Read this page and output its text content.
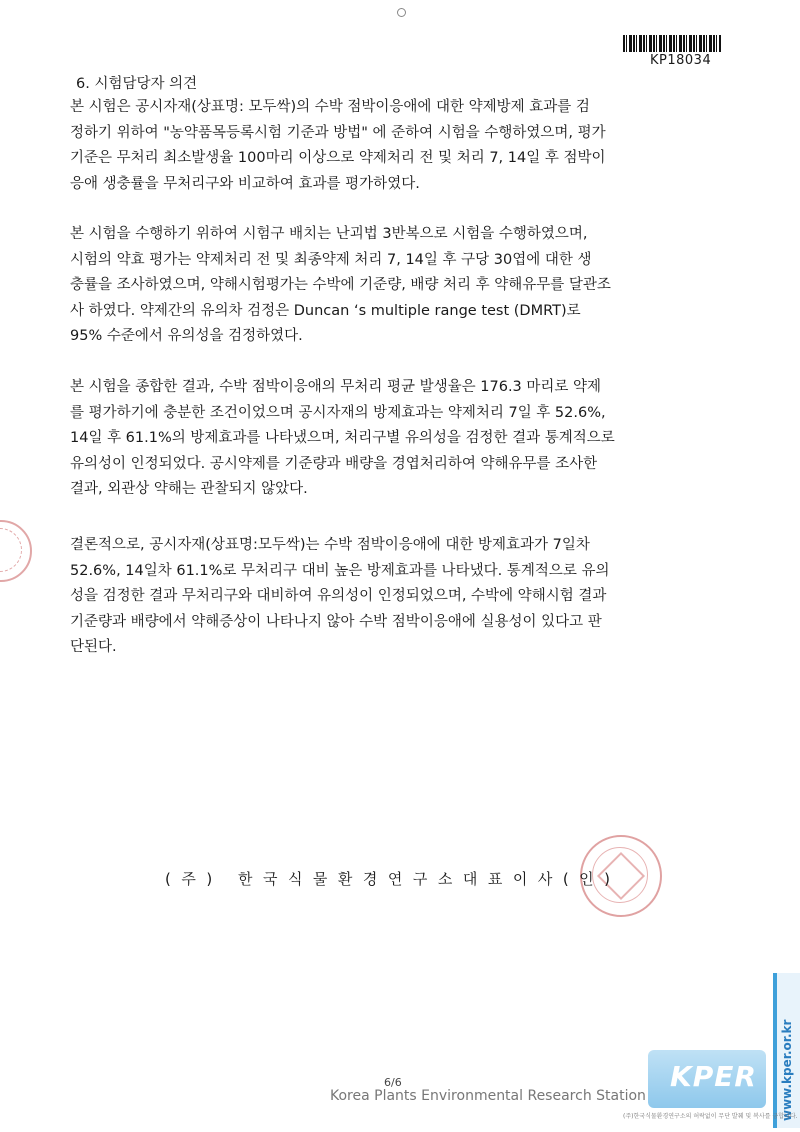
KP18034
6. 시험담당자 의견
본 시험은 공시자재(상표명: 모두싹)의 수박 점박이응애에 대한 약제방제 효과를 검
정하기 위하여 "농약품목등록시험 기준과 방법" 에 준하여 시험을 수행하였으며, 평가
기준은 무처리 최소발생율 100마리 이상으로 약제처리 전 및 처리 7, 14일 후 점박이
응애 생충률을 무처리구와 비교하여 효과를 평가하였다.
본 시험을 수행하기 위하여 시험구 배치는 난괴법 3반복으로 시험을 수행하였으며,
시험의 약효 평가는 약제처리 전 및 최종약제 처리 7, 14일 후 구당 30엽에 대한 생
충률을 조사하였으며, 약해시험평가는 수박에 기준량, 배량 처리 후 약해유무를 달관조
사 하였다. 약제간의 유의차 검정은 Duncan ‘s multiple range test (DMRT)로
95% 수준에서 유의성을 검정하였다.
본 시험을 종합한 결과, 수박 점박이응애의 무처리 평균 발생율은 176.3 마리로 약제
를 평가하기에 충분한 조건이었으며 공시자재의 방제효과는 약제처리 7일 후 52.6%,
14일 후 61.1%의 방제효과를 나타냈으며, 처리구별 유의성을 검정한 결과 통계적으로
유의성이 인정되었다. 공시약제를 기준량과 배량을 경엽처리하여 약해유무를 조사한
결과, 외관상 약해는 관찰되지 않았다.
결론적으로, 공시자재(상표명:모두싹)는 수박 점박이응애에 대한 방제효과가 7일차
52.6%, 14일차 61.1%로 무처리구 대비 높은 방제효과를 나타냈다. 통계적으로 유의
성을 검정한 결과 무처리구와 대비하여 유의성이 인정되었으며, 수박에 약해시험 결과
기준량과 배량에서 약해증상이 나타나지 않아 수박 점박이응애에 실용성이 있다고 판
단된다.
(주) 한국식물환경연구소대표이사(인)
www.kper.or.kr
6/6
Korea Plants Environmental Research Station
KPER
(주)한국식물환경연구소의 허락없이 무단 발췌 및 복사를 금합니다.
